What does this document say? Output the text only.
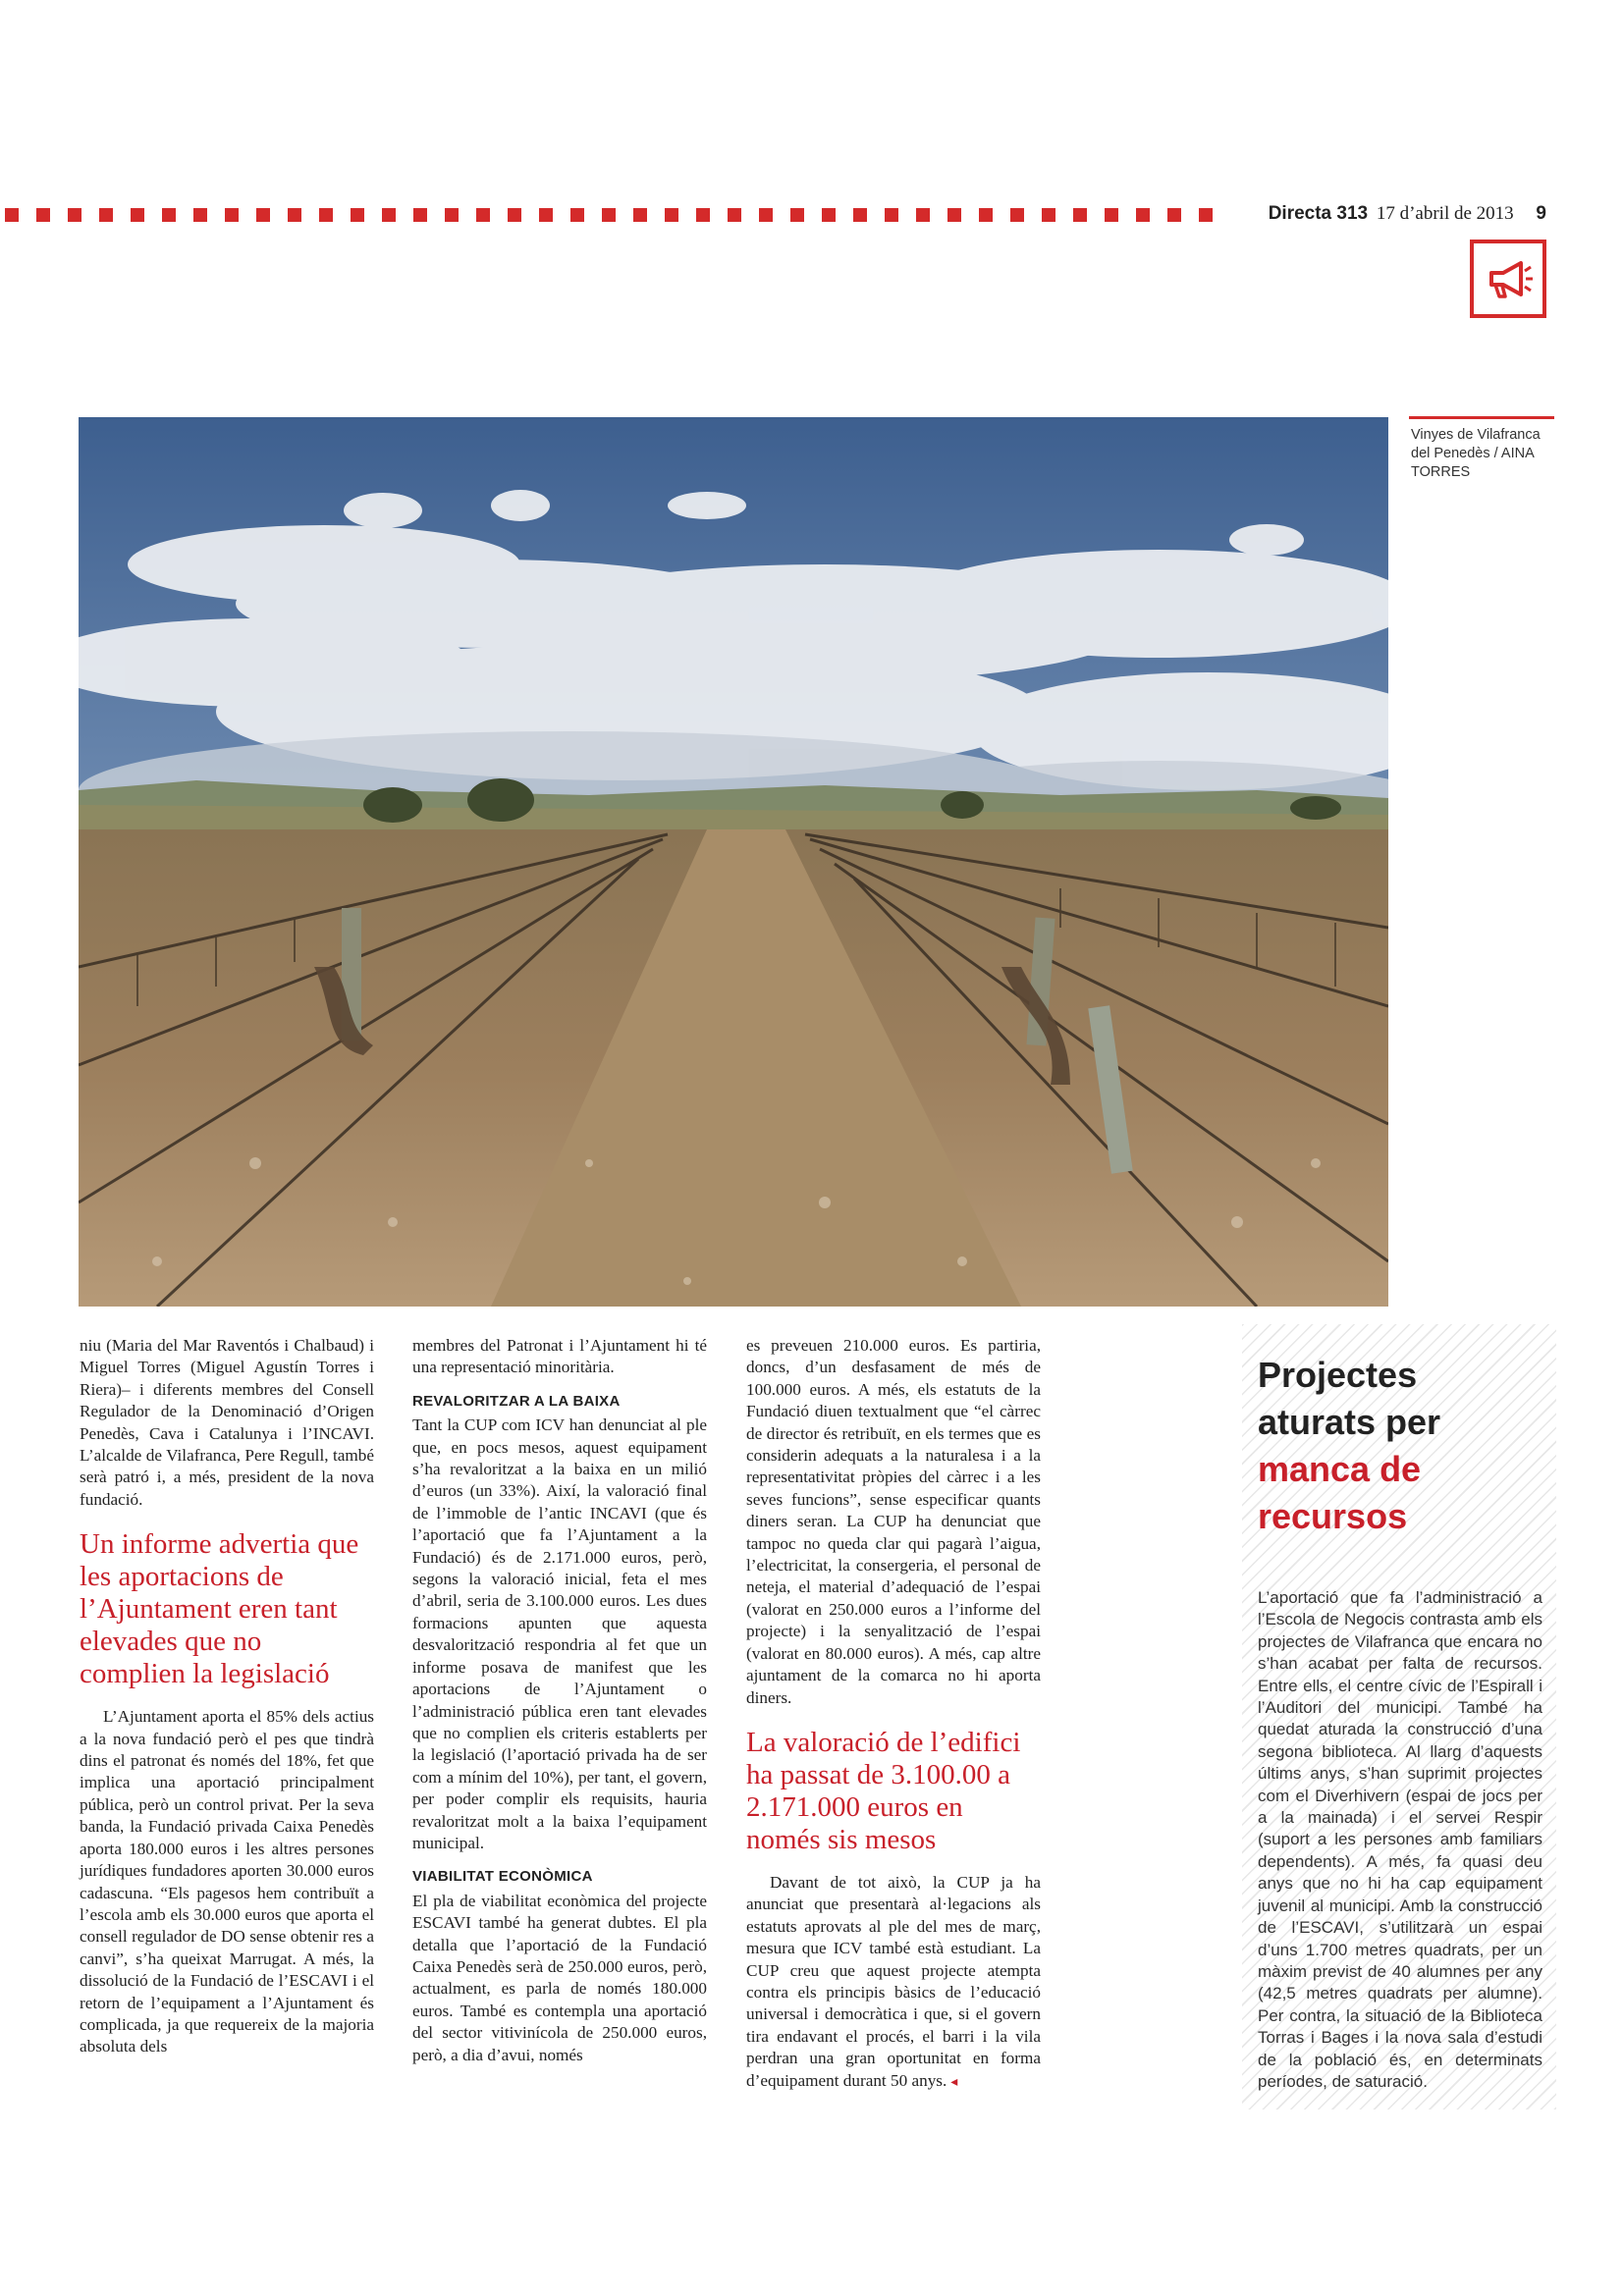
Directa 313 17 d’abril de 2013 9
Vinyes de Vilafranca del Penedès / AINA TORRES

niu (Maria del Mar Raventós i Chalbaud) i Miguel Torres (Miguel Agustín Torres i Riera)– i diferents membres del Consell Regulador de la Denominació d’Origen Penedès, Cava i Catalunya i l’INCAVI. L’alcalde de Vilafranca, Pere Regull, també serà patró i, a més, president de la nova fundació.

Un informe advertia que les aportacions de l’Ajuntament eren tant elevades que no complien la legislació

L’Ajuntament aporta el 85% dels actius a la nova fundació però el pes que tindrà dins el patronat és només del 18%, fet que implica una aportació principalment pública, però un control privat. Per la seva banda, la Fundació privada Caixa Penedès aporta 180.000 euros i les altres persones jurídiques fundadores aporten 30.000 euros cadascuna. “Els pagesos hem contribuït a l’escola amb els 30.000 euros que aporta el consell regulador de DO sense obtenir res a canvi”, s’ha queixat Marrugat. A més, la dissolució de la Fundació de l’ESCAVI i el retorn de l’equipament a l’Ajuntament és complicada, ja que requereix de la majoria absoluta dels

membres del Patronat i l’Ajuntament hi té una representació minoritària.

REVALORITZAR A LA BAIXA

Tant la CUP com ICV han denunciat al ple que, en pocs mesos, aquest equipament s’ha revaloritzat a la baixa en un milió d’euros (un 33%). Així, la valoració final de l’immoble de l’antic INCAVI (que és l’aportació que fa l’Ajuntament a la Fundació) és de 2.171.000 euros, però, segons la valoració inicial, feta el mes d’abril, seria de 3.100.000 euros. Les dues formacions apunten que aquesta desvalorització respondria al fet que un informe posava de manifest que les aportacions de l’Ajuntament o l’administració pública eren tant elevades que no complien els criteris establerts per la legislació (l’aportació privada ha de ser com a mínim del 10%), per tant, el govern, per poder complir els requisits, hauria revaloritzat molt a la baixa l’equipament municipal.

VIABILITAT ECONÒMICA

El pla de viabilitat econòmica del projecte ESCAVI també ha generat dubtes. El pla detalla que l’aportació de la Fundació Caixa Penedès serà de 250.000 euros, però, actualment, es parla de només 180.000 euros. També es contempla una aportació del sector vitivinícola de 250.000 euros, però, a dia d’avui, només

es preveuen 210.000 euros. Es partiria, doncs, d’un desfasament de més de 100.000 euros. A més, els estatuts de la Fundació diuen textualment que “el càrrec de director és retribuït, en els termes que es considerin adequats a la naturalesa i a la representativitat pròpies del càrrec i a les seves funcions”, sense especificar quants diners seran. La CUP ha denunciat que tampoc no queda clar qui pagarà l’aigua, l’electricitat, la consergeria, el personal de neteja, el material d’adequació de l’espai (valorat en 250.000 euros a l’informe del projecte) i la senyalització de l’espai (valorat en 80.000 euros). A més, cap altre ajuntament de la comarca no hi aporta diners.

La valoració de l’edifici ha passat de 3.100.00 a 2.171.000 euros en només sis mesos

Davant de tot això, la CUP ja ha anunciat que presentarà al·legacions als estatuts aprovats al ple del mes de març, mesura que ICV també està estudiant. La CUP creu que aquest projecte atempta contra els principis bàsics de l’educació universal i democràtica i que, si el govern tira endavant el procés, el barri i la vila perdran una gran oportunitat en forma d’equipament durant 50 anys. ◂

Projectes aturats per manca de recursos

L’aportació que fa l’administració a l’Escola de Negocis contrasta amb els projectes de Vilafranca que encara no s’han acabat per falta de recursos. Entre ells, el centre cívic de l’Espirall i l’Auditori del municipi. També ha quedat aturada la construcció d’una segona biblioteca. Al llarg d’aquests últims anys, s’han suprimit projectes com el Diverhivern (espai de jocs per a la mainada) i el servei Respir (suport a les persones amb familiars dependents). A més, fa quasi deu anys que no hi ha cap equipament juvenil al municipi. Amb la construcció de l’ESCAVI, s’utilitzarà un espai d’uns 1.700 metres quadrats, per un màxim previst de 40 alumnes per any (42,5 metres quadrats per alumne). Per contra, la situació de la Biblioteca Torras i Bages i la nova sala d’estudi de la població és, en determinats períodes, de saturació.
